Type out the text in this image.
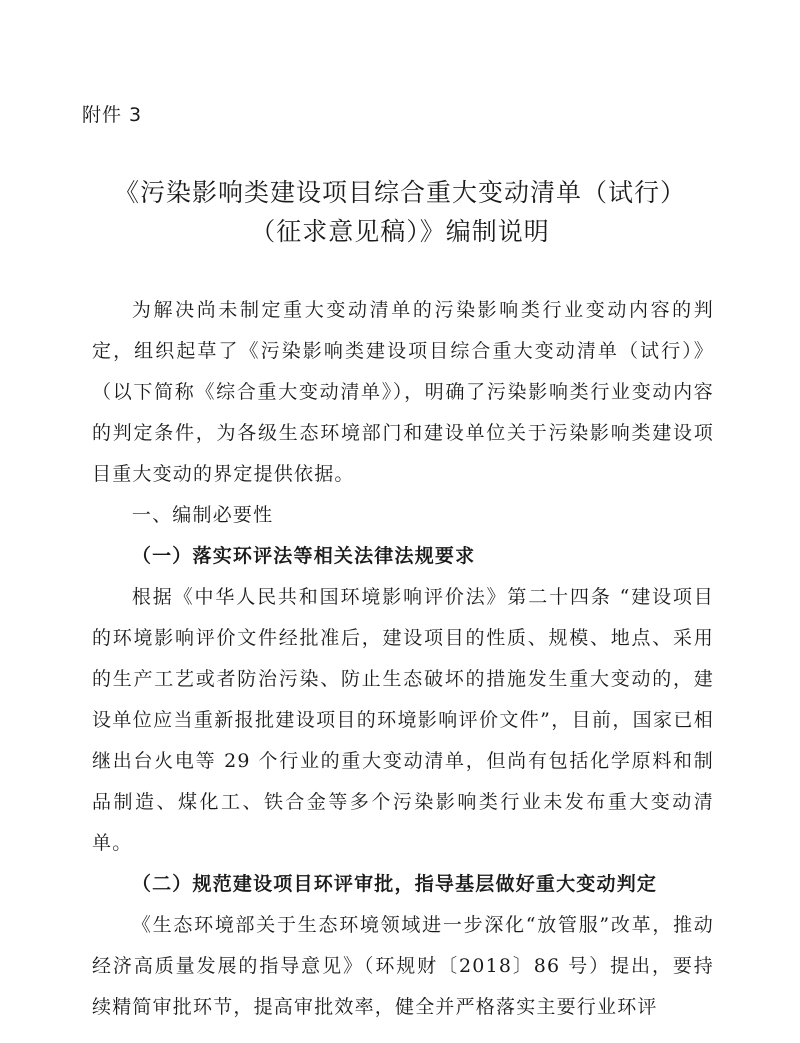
附件 3
《污染影响类建设项目综合重大变动清单（试行）
（征求意见稿）》编制说明

为解决尚未制定重大变动清单的污染影响类行业变动内容的判定，组织起草了《污染影响类建设项目综合重大变动清单（试行）》（以下简称《综合重大变动清单》），明确了污染影响类行业变动内容的判定条件，为各级生态环境部门和建设单位关于污染影响类建设项目重大变动的界定提供依据。

一、编制必要性
（一）落实环评法等相关法律法规要求

根据《中华人民共和国环境影响评价法》第二十四条 “建设项目的环境影响评价文件经批准后，建设项目的性质、规模、地点、采用的生产工艺或者防治污染、防止生态破坏的措施发生重大变动的，建设单位应当重新报批建设项目的环境影响评价文件”，目前，国家已相继出台火电等 29 个行业的重大变动清单，但尚有包括化学原料和制品制造、煤化工、铁合金等多个污染影响类行业未发布重大变动清单。

（二）规范建设项目环评审批，指导基层做好重大变动判定

《生态环境部关于生态环境领域进一步深化“放管服”改革，推动经济高质量发展的指导意见》（环规财〔2018〕86 号）提出，要持续精简审批环节，提高审批效率，健全并严格落实主要行业环评
